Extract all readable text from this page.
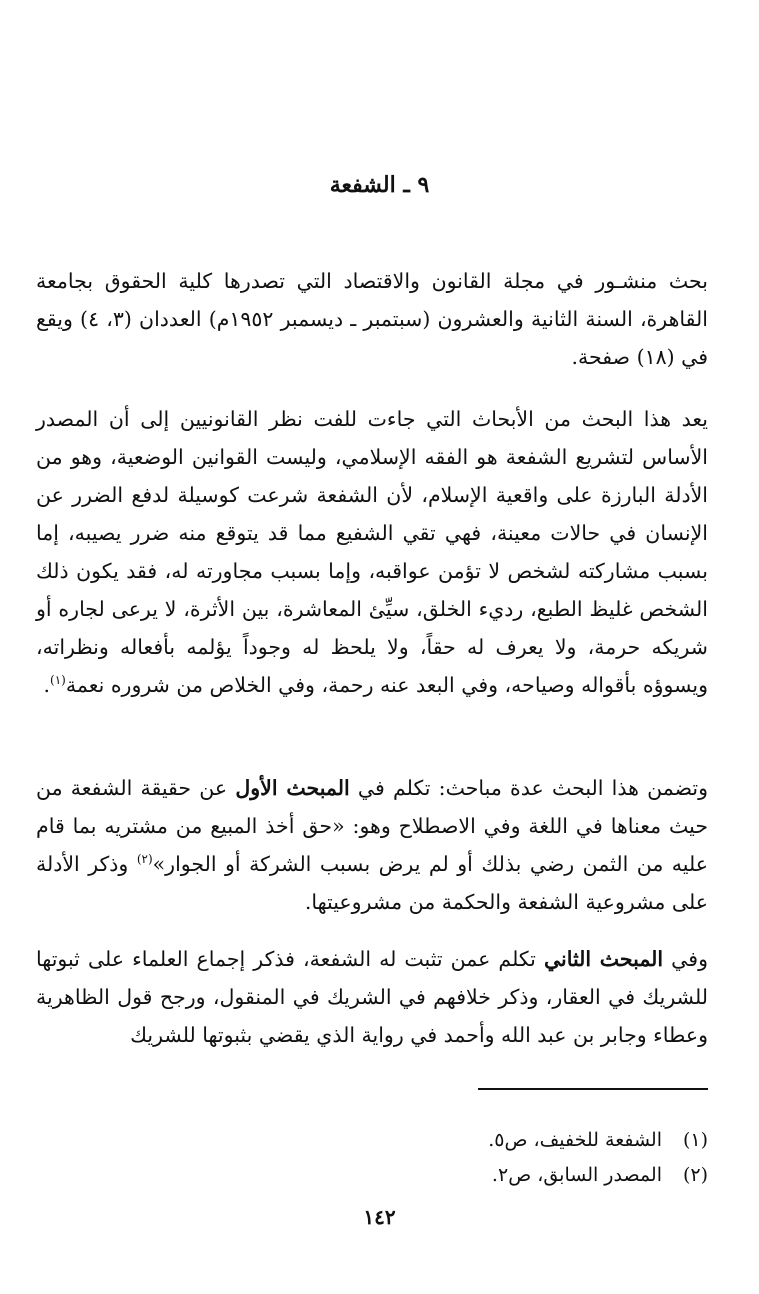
٩ ـ الشفعة

بحث منشـور في مجلة القانون والاقتصاد التي تصدرها كلية الحقوق بجامعة القاهرة، السنة الثانية والعشرون (سبتمبر ـ ديسمبر ١٩٥٢م) العددان (٣، ٤) ويقع في (١٨) صفحة.

يعد هذا البحث من الأبحاث التي جاءت للفت نظر القانونيين إلى أن المصدر الأساس لتشريع الشفعة هو الفقه الإسلامي، وليست القوانين الوضعية، وهو من الأدلة البارزة على واقعية الإسلام، لأن الشفعة شرعت كوسيلة لدفع الضرر عن الإنسان في حالات معينة، فهي تقي الشفيع مما قد يتوقع منه ضرر يصيبه، إما بسبب مشاركته لشخص لا تؤمن عواقبه، وإما بسبب مجاورته له، فقد يكون ذلك الشخص غليظ الطبع، رديء الخلق، سيِّئ المعاشرة، بين الأثرة، لا يرعى لجاره أو شريكه حرمة، ولا يعرف له حقاً، ولا يلحظ له وجوداً يؤلمه بأفعاله ونظراته، ويسوؤه بأقواله وصياحه، وفي البعد عنه رحمة، وفي الخلاص من شروره نعمة$^{(١)}$.

وتضمن هذا البحث عدة مباحث: تكلم في المبحث الأول عن حقيقة الشفعة من حيث معناها في اللغة وفي الاصطلاح وهو: «حق أخذ المبيع من مشتريه بما قام عليه من الثمن رضي بذلك أو لم يرض بسبب الشركة أو الجوار»$^{(٢)}$ وذكر الأدلة على مشروعية الشفعة والحكمة من مشروعيتها.

وفي المبحث الثاني تكلم عمن تثبت له الشفعة، فذكر إجماع العلماء على ثبوتها للشريك في العقار، وذكر خلافهم في الشريك في المنقول، ورجح قول الظاهرية وعطاء وجابر بن عبد الله وأحمد في رواية الذي يقضي بثبوتها للشريك

(١)الشفعة للخفيف، ص٥.
(٢)المصدر السابق، ص٢.
١٤٢
